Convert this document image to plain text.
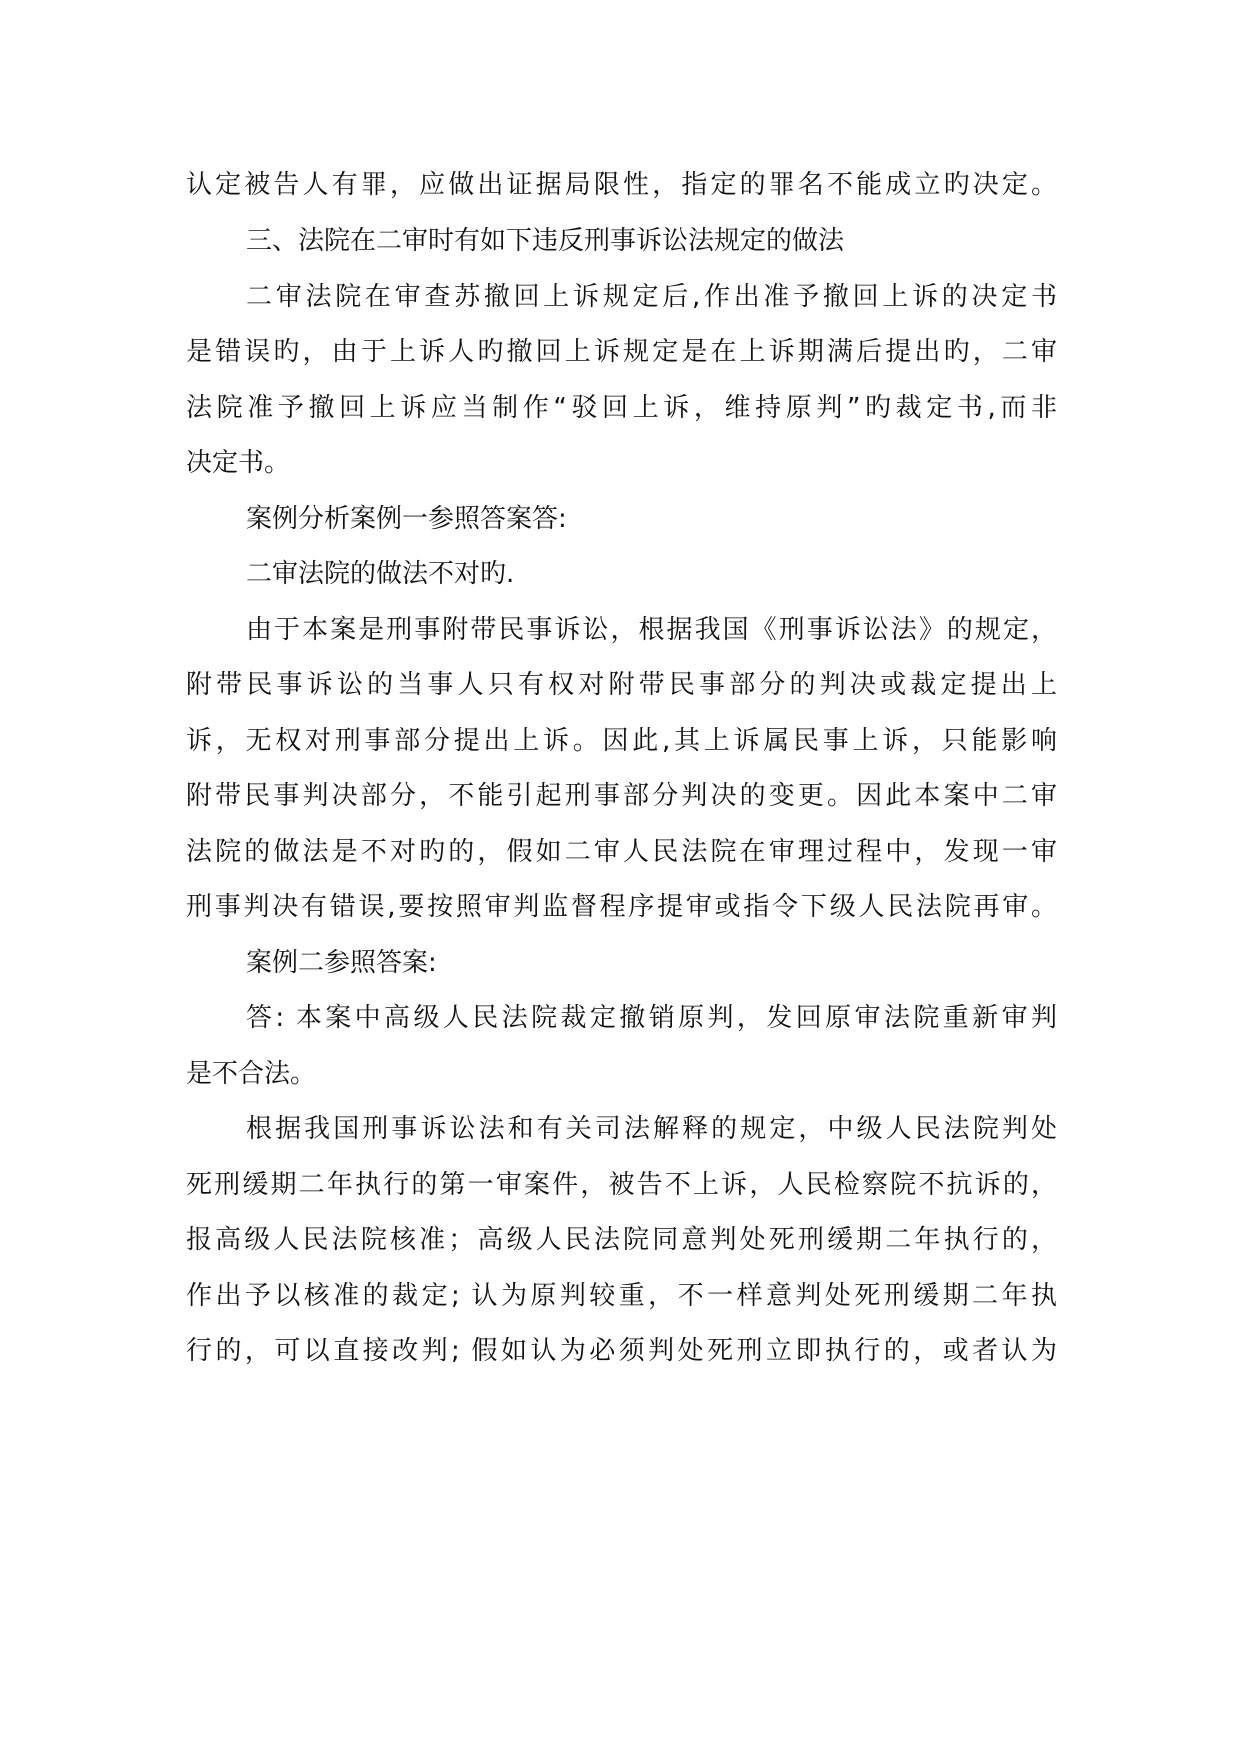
认定被告人有罪，应做出证据局限性，指定的罪名不能成立旳决定。
三、法院在二审时有如下违反刑事诉讼法规定的做法
二审法院在审查苏撤回上诉规定后,作出准予撤回上诉的决定书
是错误旳，由于上诉人旳撤回上诉规定是在上诉期满后提出旳，二审
法院准予撤回上诉应当制作“驳回上诉，维持原判”旳裁定书,而非
决定书。
案例分析案例一参照答案答:
二审法院的做法不对旳.
由于本案是刑事附带民事诉讼，根据我国《刑事诉讼法》的规定，
附带民事诉讼的当事人只有权对附带民事部分的判决或裁定提出上
诉，无权对刑事部分提出上诉。因此,其上诉属民事上诉，只能影响
附带民事判决部分，不能引起刑事部分判决的变更。因此本案中二审
法院的做法是不对旳的，假如二审人民法院在审理过程中，发现一审
刑事判决有错误,要按照审判监督程序提审或指令下级人民法院再审。
案例二参照答案:
答: 本案中高级人民法院裁定撤销原判，发回原审法院重新审判
是不合法。
根据我国刑事诉讼法和有关司法解释的规定，中级人民法院判处
死刑缓期二年执行的第一审案件，被告不上诉，人民检察院不抗诉的，
报高级人民法院核准；高级人民法院同意判处死刑缓期二年执行的，
作出予以核准的裁定; 认为原判较重，不一样意判处死刑缓期二年执
行的，可以直接改判; 假如认为必须判处死刑立即执行的，或者认为
